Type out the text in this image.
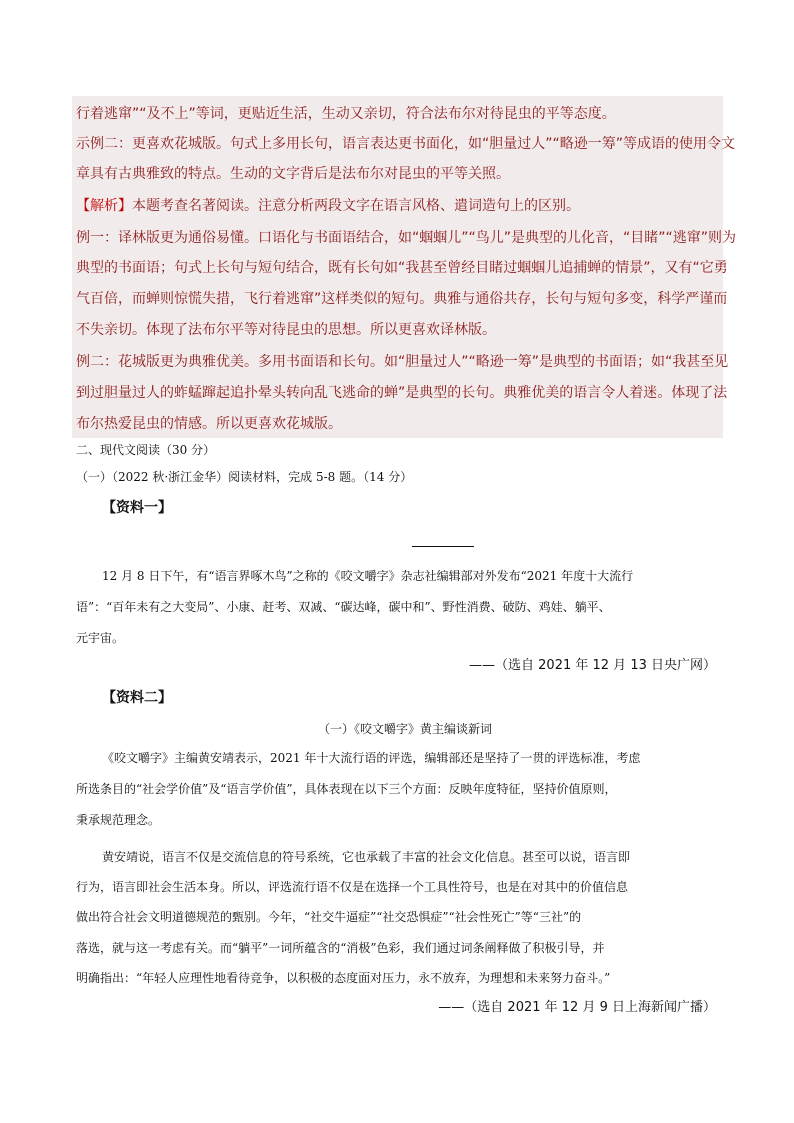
行着逃窜”“及不上”等词，更贴近生活，生动又亲切，符合法布尔对待昆虫的平等态度。
示例二：更喜欢花城版。句式上多用长句，语言表达更书面化，如“胆量过人”“略逊一筹”等成语的使用令文
章具有古典雅致的特点。生动的文字背后是法布尔对昆虫的平等关照。
【解析】本题考查名著阅读。注意分析两段文字在语言风格、遣词造句上的区别。
例一：译林版更为通俗易懂。口语化与书面语结合，如“蝈蝈儿”“鸟儿”是典型的儿化音，“目睹”“逃窜”则为
典型的书面语；句式上长句与短句结合，既有长句如“我甚至曾经目睹过蝈蝈儿追捕蝉的情景”，又有“它勇
气百倍，而蝉则惊慌失措，飞行着逃窜”这样类似的短句。典雅与通俗共存，长句与短句多变，科学严谨而
不失亲切。体现了法布尔平等对待昆虫的思想。所以更喜欢译林版。
例二：花城版更为典雅优美。多用书面语和长句。如“胆量过人”“略逊一筹”是典型的书面语；如“我甚至见
到过胆量过人的蚱蜢蹿起追扑晕头转向乱飞逃命的蝉”是典型的长句。典雅优美的语言令人着迷。体现了法
布尔热爱昆虫的情感。所以更喜欢花城版。
二、现代文阅读（30 分）
（一）（2022 秋·浙江金华）阅读材料，完成 5-8 题。（14 分）
【资料一】
12 月 8 日下午，有“语言界啄木鸟”之称的《咬文嚼字》杂志社编辑部对外发布“2021 年度十大流行
语”：“百年未有之大变局”、小康、赶考、双减、“碳达峰，碳中和”、野性消费、破防、鸡娃、躺平、
元宇宙。
——（选自 2021 年 12 月 13 日央广网）
【资料二】
（一）《咬文嚼字》黄主编谈新词
《咬文嚼字》主编黄安靖表示，2021 年十大流行语的评选，编辑部还是坚持了一贯的评选标准，考虑
所选条目的“社会学价值”及“语言学价值”，具体表现在以下三个方面：反映年度特征，坚持价值原则，
秉承规范理念。
黄安靖说，语言不仅是交流信息的符号系统，它也承载了丰富的社会文化信息。甚至可以说，语言即
行为，语言即社会生活本身。所以，评选流行语不仅是在选择一个工具性符号，也是在对其中的价值信息
做出符合社会文明道德规范的甄别。今年，“社交牛逼症”“社交恐惧症”“社会性死亡”等“三社”的
落选，就与这一考虑有关。而“躺平”一词所蕴含的“消极”色彩，我们通过词条阐释做了积极引导，并
明确指出：“年轻人应理性地看待竞争，以积极的态度面对压力，永不放弃，为理想和未来努力奋斗。”
——（选自 2021 年 12 月 9 日上海新闻广播）
